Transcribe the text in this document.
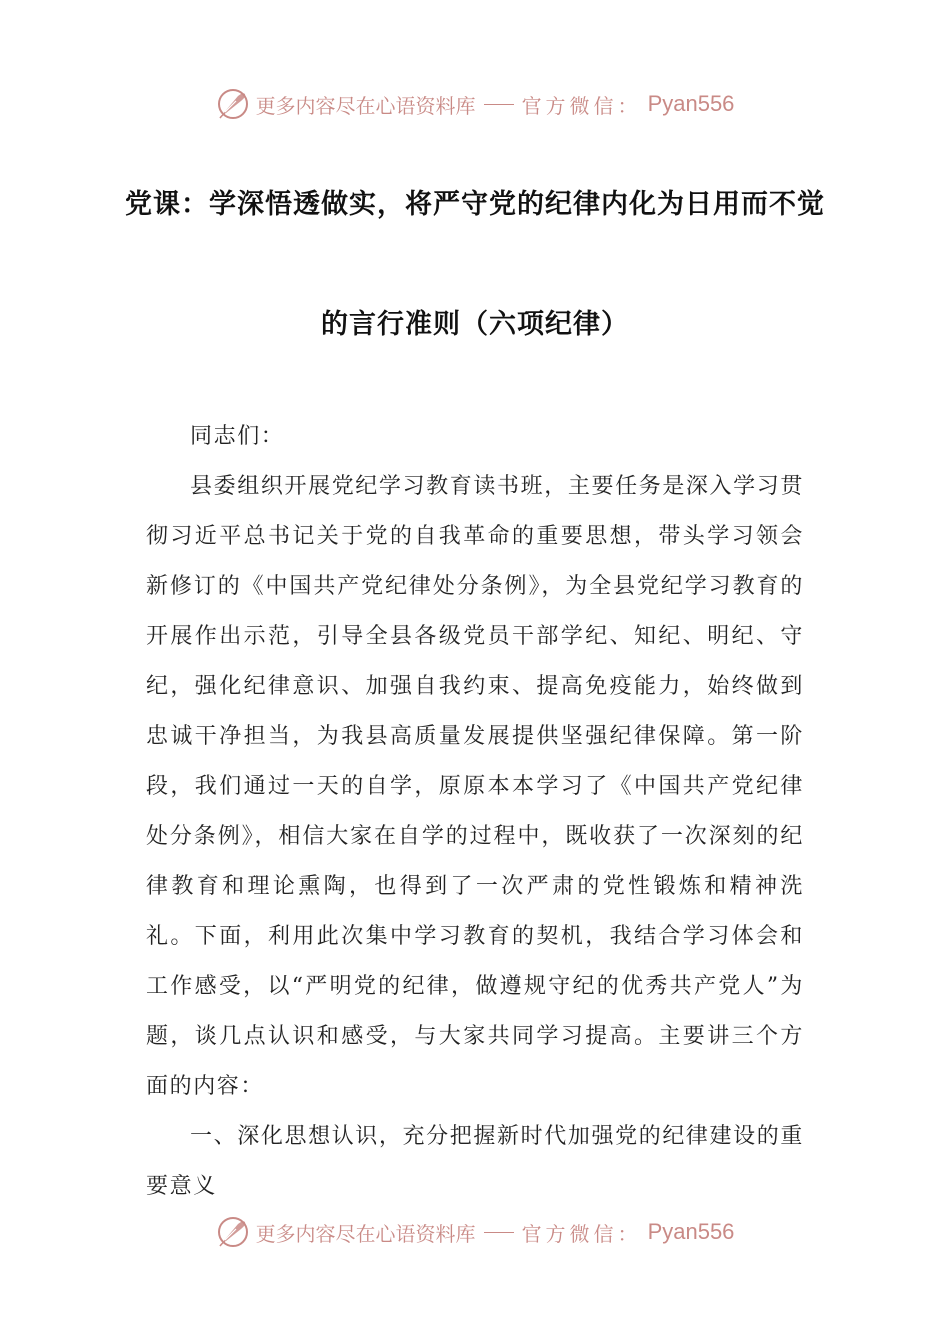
更多内容尽在心语资料库 官方微信： Pyan556
党课：学深悟透做实，将严守党的纪律内化为日用而不觉
的言行准则（六项纪律）

同志们：

县委组织开展党纪学习教育读书班，主要任务是深入学习贯彻习近平总书记关于党的自我革命的重要思想，带头学习领会新修订的《中国共产党纪律处分条例》，为全县党纪学习教育的开展作出示范，引导全县各级党员干部学纪、知纪、明纪、守纪，强化纪律意识、加强自我约束、提高免疫能力，始终做到忠诚干净担当，为我县高质量发展提供坚强纪律保障。第一阶段，我们通过一天的自学，原原本本学习了《中国共产党纪律处分条例》，相信大家在自学的过程中，既收获了一次深刻的纪律教育和理论熏陶，也得到了一次严肃的党性锻炼和精神洗礼。下面，利用此次集中学习教育的契机，我结合学习体会和工作感受，以“严明党的纪律，做遵规守纪的优秀共产党人”为题，谈几点认识和感受，与大家共同学习提高。主要讲三个方面的内容：

一、深化思想认识，充分把握新时代加强党的纪律建设的重要意义

更多内容尽在心语资料库 官方微信： Pyan556
